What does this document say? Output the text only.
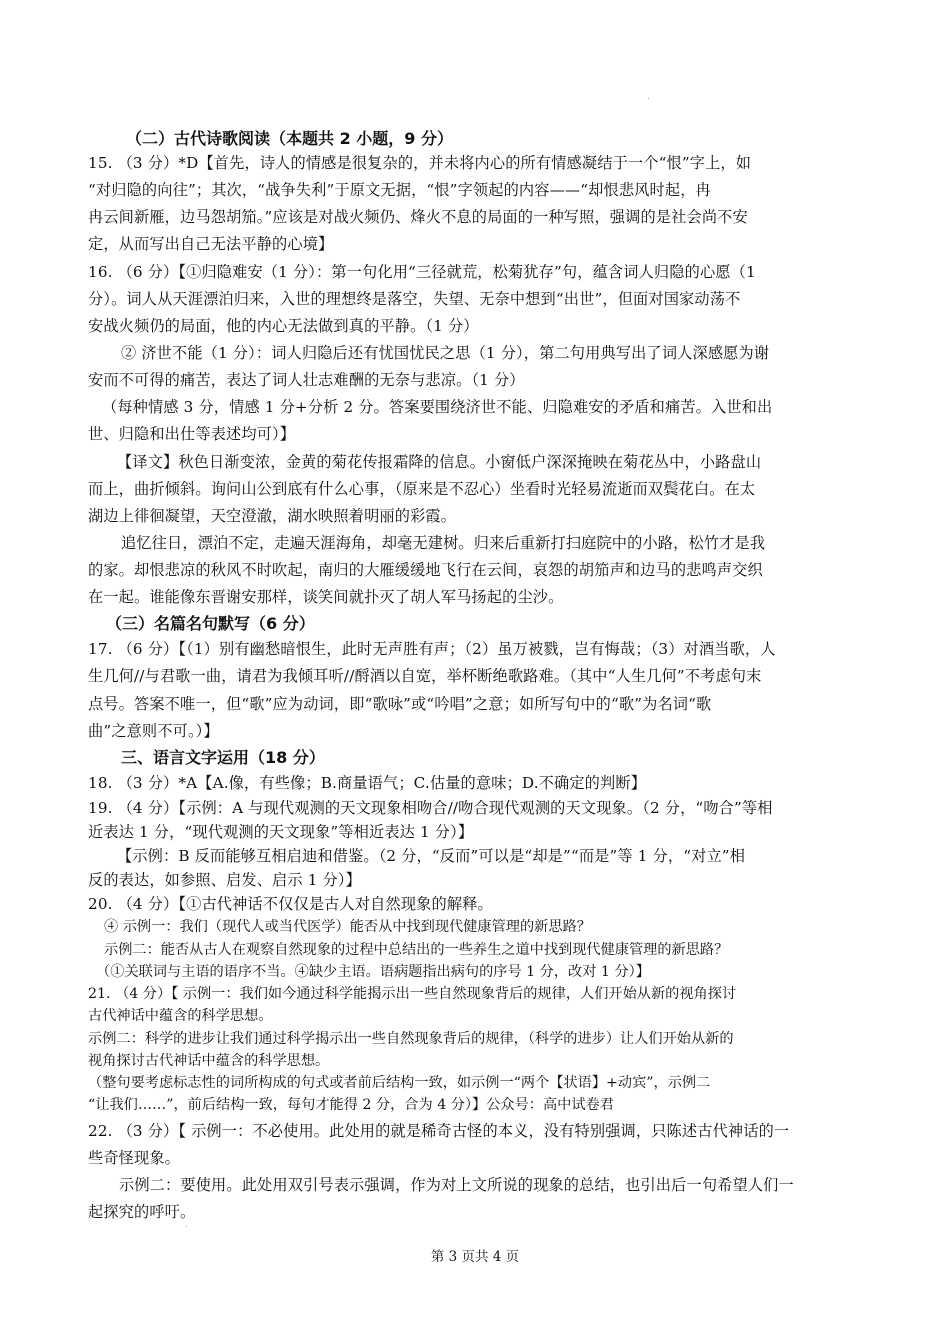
（二）古代诗歌阅读（本题共 2 小题，9 分）
15. （3 分）*D【首先，诗人的情感是很复杂的，并未将内心的所有情感凝结于一个“恨”字上，如
“对归隐的向往”；其次，“战争失利”于原文无据，“恨”字领起的内容——“却恨悲风时起，冉
冉云间新雁，边马怨胡笳。”应该是对战火频仍、烽火不息的局面的一种写照，强调的是社会尚不安
定，从而写出自己无法平静的心境】
16. （6 分）【①归隐难安（1 分）：第一句化用“三径就荒，松菊犹存”句，蕴含词人归隐的心愿（1
分）。词人从天涯漂泊归来，入世的理想终是落空，失望、无奈中想到“出世”，但面对国家动荡不
安战火频仍的局面，他的内心无法做到真的平静。（1 分）
② 济世不能（1 分）：词人归隐后还有忧国忧民之思（1 分），第二句用典写出了词人深感愿为谢
安而不可得的痛苦，表达了词人壮志难酬的无奈与悲凉。（1 分）
（每种情感 3 分，情感 1 分+分析 2 分。答案要围绕济世不能、归隐难安的矛盾和痛苦。入世和出
世、归隐和出仕等表述均可）】
【译文】秋色日渐变浓，金黄的菊花传报霜降的信息。小窗低户深深掩映在菊花丛中，小路盘山
而上，曲折倾斜。询问山公到底有什么心事，（原来是不忍心）坐看时光轻易流逝而双鬓花白。在太
湖边上徘徊凝望，天空澄澈，湖水映照着明丽的彩霞。
追忆往日，漂泊不定，走遍天涯海角，却毫无建树。归来后重新打扫庭院中的小路，松竹才是我
的家。却恨悲凉的秋风不时吹起，南归的大雁缓缓地飞行在云间，哀怨的胡笳声和边马的悲鸣声交织
在一起。谁能像东晋谢安那样，谈笑间就扑灭了胡人军马扬起的尘沙。
（三）名篇名句默写（6 分）
17. （6 分）【（1）别有幽愁暗恨生，此时无声胜有声；（2）虽万被戮，岂有悔哉；（3）对酒当歌，人
生几何//与君歌一曲，请君为我倾耳听//酹酒以自宽，举杯断绝歌路难。（其中“人生几何”不考虑句末
点号。答案不唯一，但“歌”应为动词，即“歌咏”或“吟唱”之意；如所写句中的“歌”为名词“歌
曲”之意则不可。）】
三、语言文字运用（18 分）
18. （3 分）*A【A.像，有些像；B.商量语气；C.估量的意味；D.不确定的判断】
19. （4 分）【示例：A 与现代观测的天文现象相吻合//吻合现代观测的天文现象。（2 分，“吻合”等相
近表达 1 分，“现代观测的天文现象”等相近表达 1 分）】
【示例：B 反而能够互相启迪和借鉴。（2 分，“反而”可以是“却是”“而是”等 1 分，“对立”相
反的表达，如参照、启发、启示 1 分）】
20. （4 分）【①古代神话不仅仅是古人对自然现象的解释。
④ 示例一：我们（现代人或当代医学）能否从中找到现代健康管理的新思路？
示例二：能否从古人在观察自然现象的过程中总结出的一些养生之道中找到现代健康管理的新思路？
（①关联词与主语的语序不当。④缺少主语。语病题指出病句的序号 1 分，改对 1 分）】
21. （4 分）【 示例一：我们如今通过科学能揭示出一些自然现象背后的规律，人们开始从新的视角探讨
古代神话中蕴含的科学思想。
示例二：科学的进步让我们通过科学揭示出一些自然现象背后的规律，（科学的进步）让人们开始从新的
视角探讨古代神话中蕴含的科学思想。
（整句要考虑标志性的词所构成的句式或者前后结构一致，如示例一“两个【状语】+动宾”，示例二
“让我们……”，前后结构一致，每句才能得 2 分，合为 4 分）】公众号：高中试卷君
22. （3 分）【 示例一：不必使用。此处用的就是稀奇古怪的本义，没有特别强调，只陈述古代神话的一
些奇怪现象。
示例二：要使用。此处用双引号表示强调，作为对上文所说的现象的总结，也引出后一句希望人们一
起探究的呼吁。
第 3 页共 4 页
